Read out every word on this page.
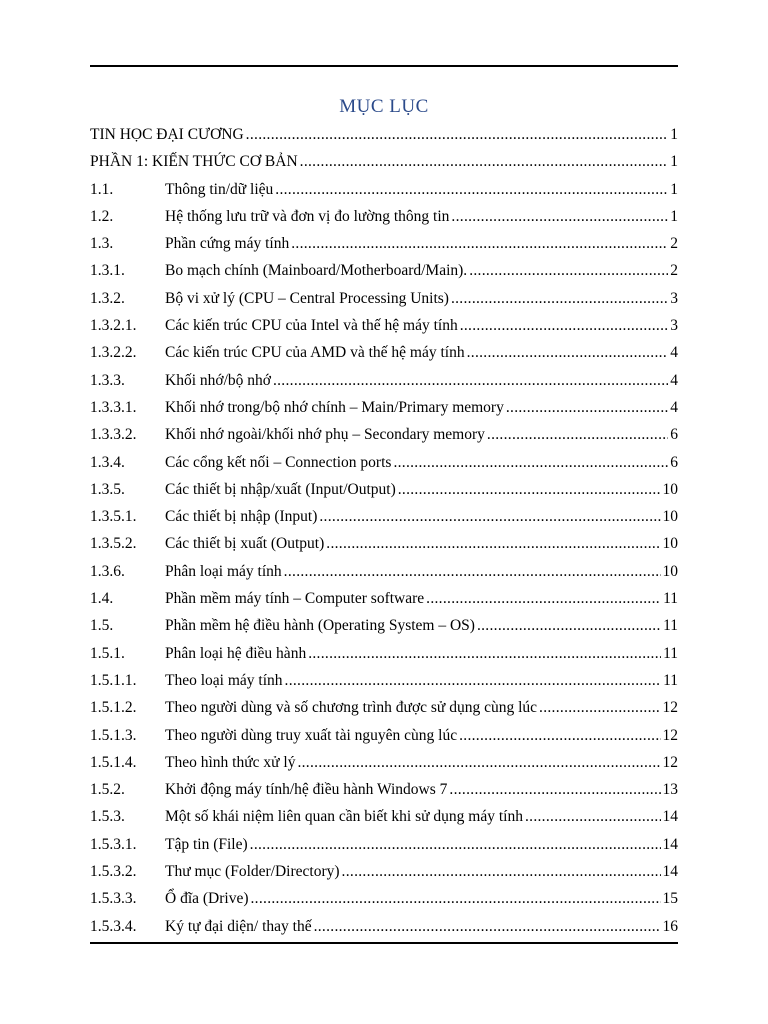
MỤC LỤC
TIN HỌC ĐẠI CƯƠNG .....	1
PHẦN 1: KIẾN THỨC CƠ BẢN .....	1
1.1.	Thông tin/dữ liệu .....	1
1.2.	Hệ thống lưu trữ và đơn vị đo lường thông tin .....	1
1.3.	Phần cứng máy tính .....	2
1.3.1.	Bo mạch chính (Mainboard/Motherboard/Main). .....	2
1.3.2.	Bộ vi xử lý (CPU – Central Processing Units) .....	3
1.3.2.1.	Các kiến trúc CPU của Intel và thế hệ máy tính .....	3
1.3.2.2.	Các kiến trúc CPU của AMD và thế hệ máy tính .....	4
1.3.3.	Khối nhớ/bộ nhớ .....	4
1.3.3.1.	Khối nhớ trong/bộ nhớ chính – Main/Primary memory .....	4
1.3.3.2.	Khối nhớ ngoài/khối nhớ phụ – Secondary memory .....	6
1.3.4.	Các cổng kết nối – Connection ports .....	6
1.3.5.	Các thiết bị nhập/xuất (Input/Output) .....	10
1.3.5.1.	Các thiết bị nhập (Input) .....	10
1.3.5.2.	Các thiết bị xuất (Output) .....	10
1.3.6.	Phân loại máy tính .....	10
1.4.	Phần mềm máy tính – Computer software .....	11
1.5.	Phần mềm hệ điều hành (Operating System – OS) .....	11
1.5.1.	Phân loại hệ điều hành .....	11
1.5.1.1.	Theo loại máy tính .....	11
1.5.1.2.	Theo người dùng và số chương trình được sử dụng cùng lúc .....	12
1.5.1.3.	Theo người dùng truy xuất tài nguyên cùng lúc .....	12
1.5.1.4.	Theo hình thức xử lý .....	12
1.5.2.	Khởi động máy tính/hệ điều hành Windows 7 .....	13
1.5.3.	Một số khái niệm liên quan cần biết khi sử dụng máy tính .....	14
1.5.3.1.	Tập tin (File) .....	14
1.5.3.2.	Thư mục (Folder/Directory) .....	14
1.5.3.3.	Ổ đĩa (Drive) .....	15
1.5.3.4.	Ký tự đại diện/ thay thế .....	16
